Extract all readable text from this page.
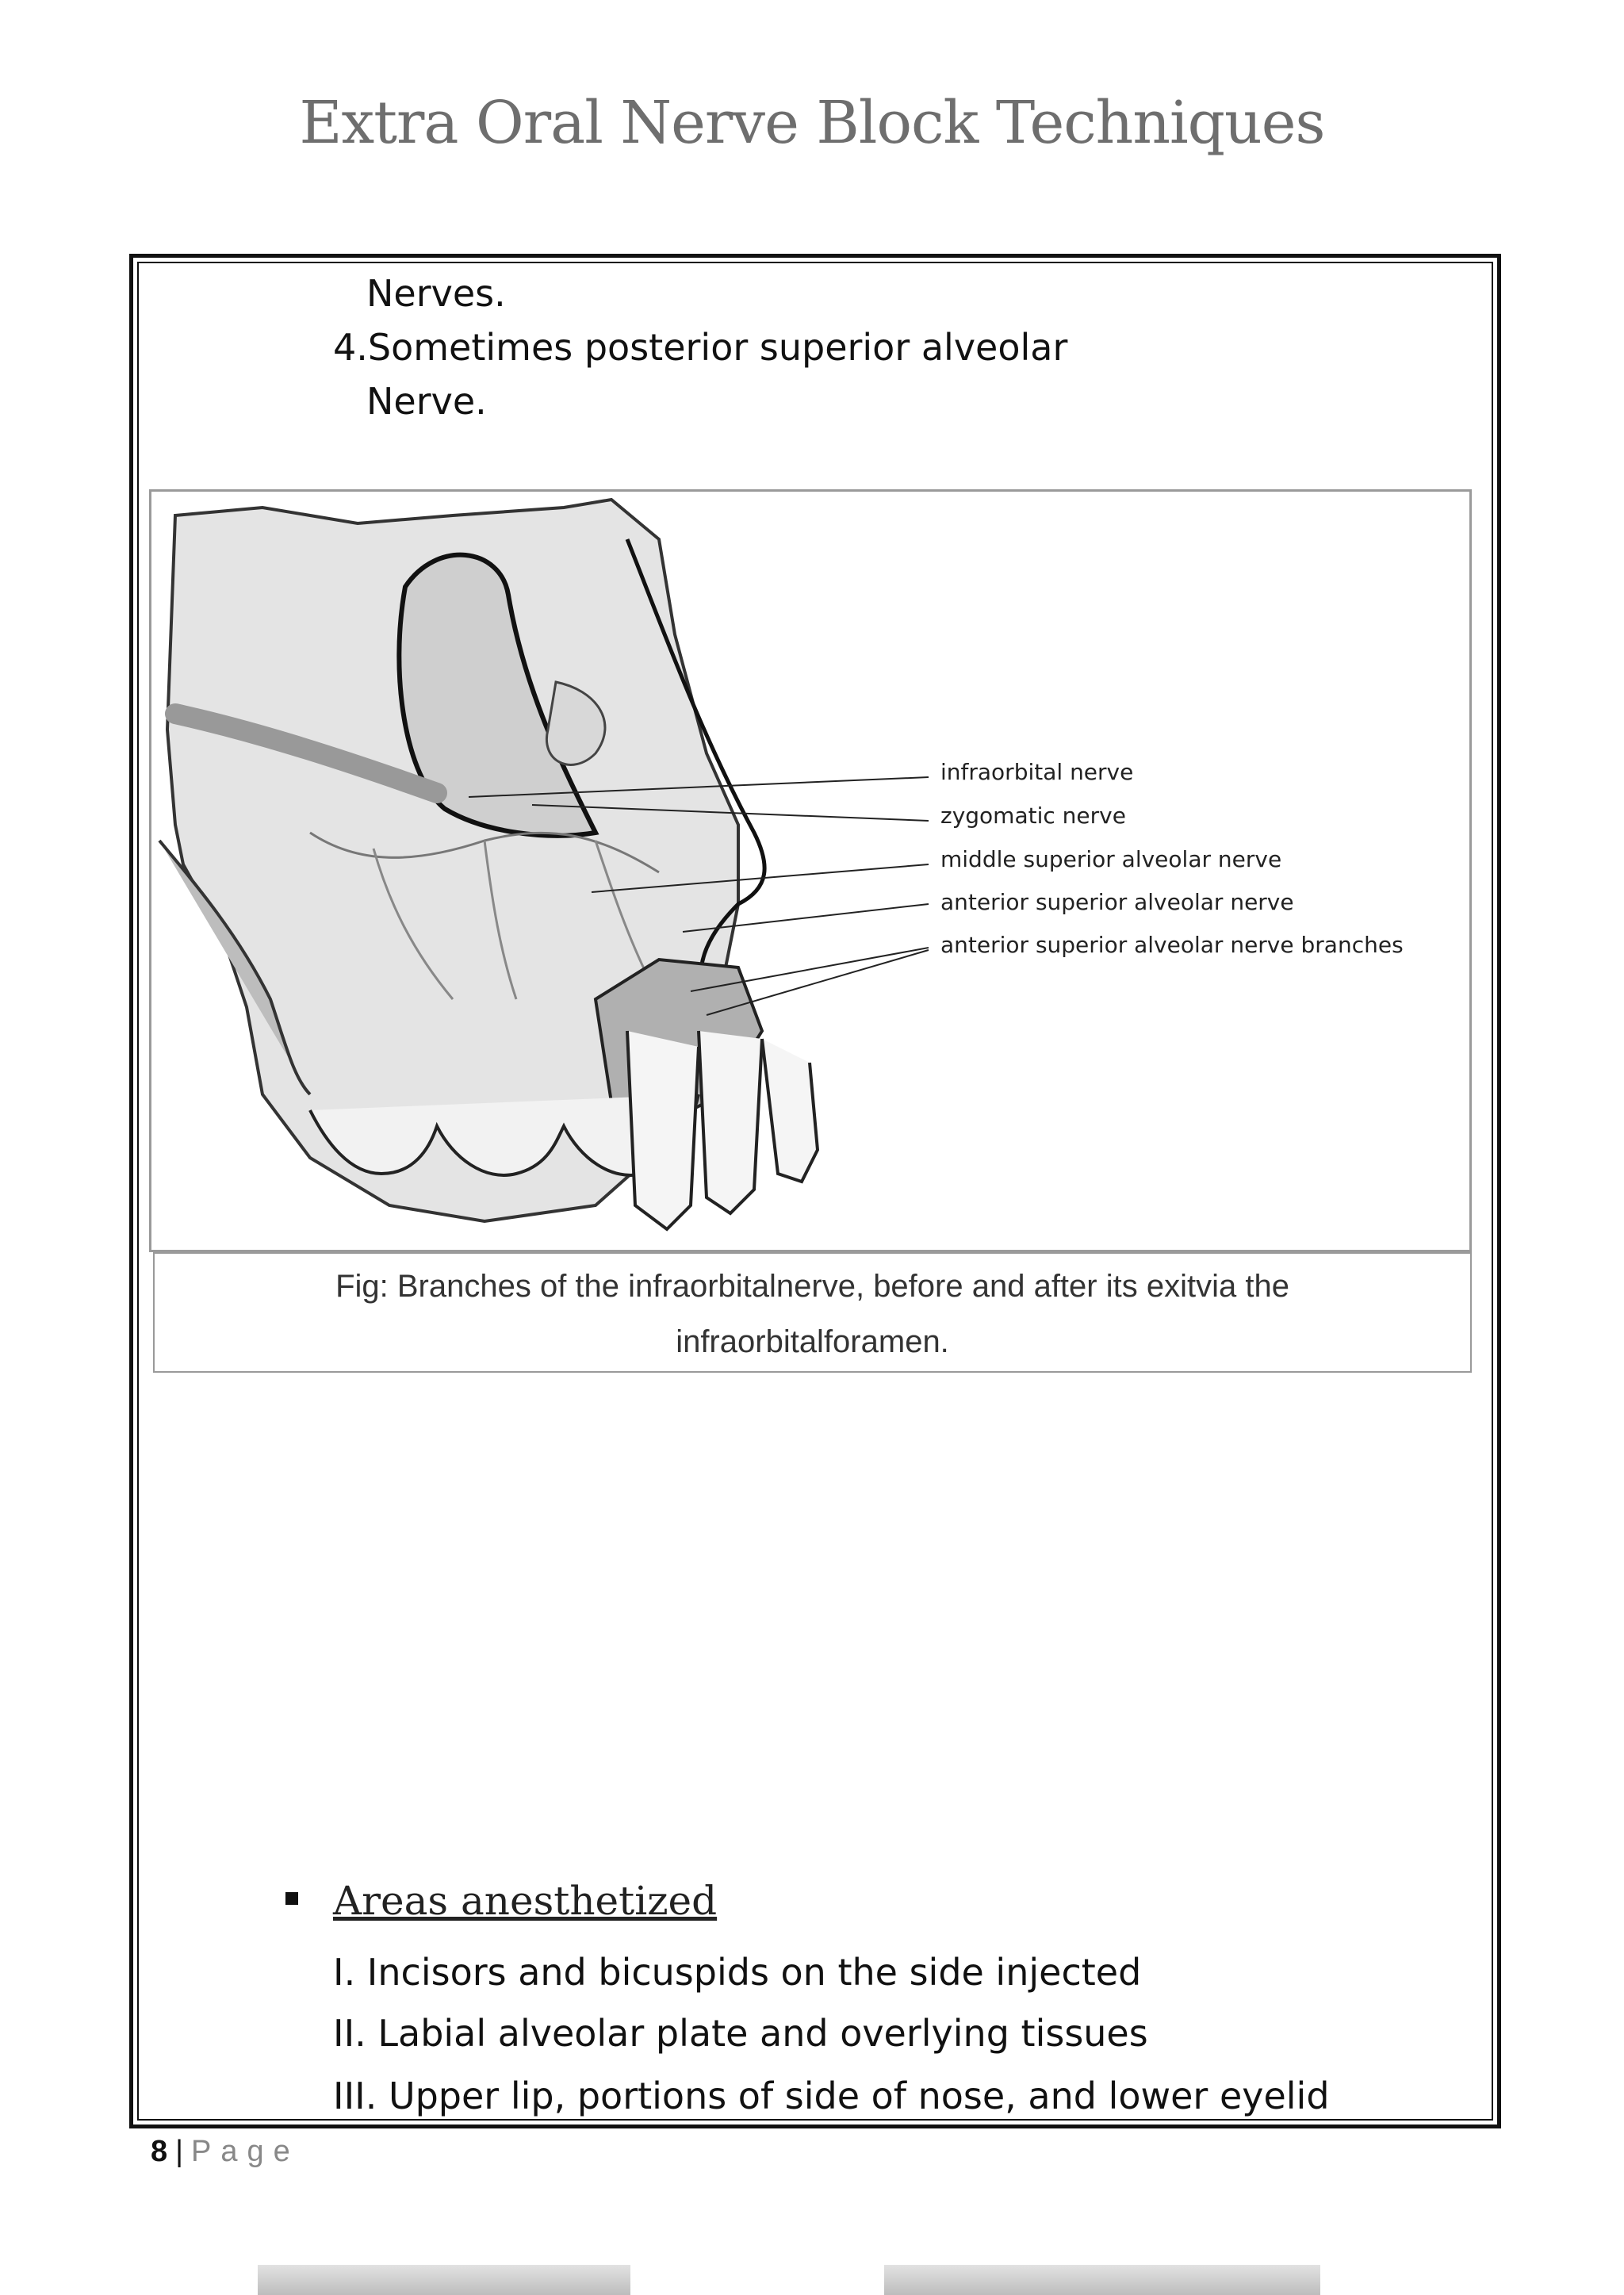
Extra Oral Nerve Block Techniques
Nerves.
4.Sometimes posterior superior alveolar
Nerve.
infraorbital nerve
zygomatic nerve
middle superior alveolar nerve
anterior superior alveolar nerve
anterior superior alveolar nerve branches
Fig: Branches of the infraorbitalnerve, before and after its exitvia the
infraorbitalforamen.
Areas anesthetized
I. Incisors and bicuspids on the side injected
II. Labial alveolar plate and overlying tissues
III. Upper lip, portions of side of nose, and lower eyelid
8 | Page
